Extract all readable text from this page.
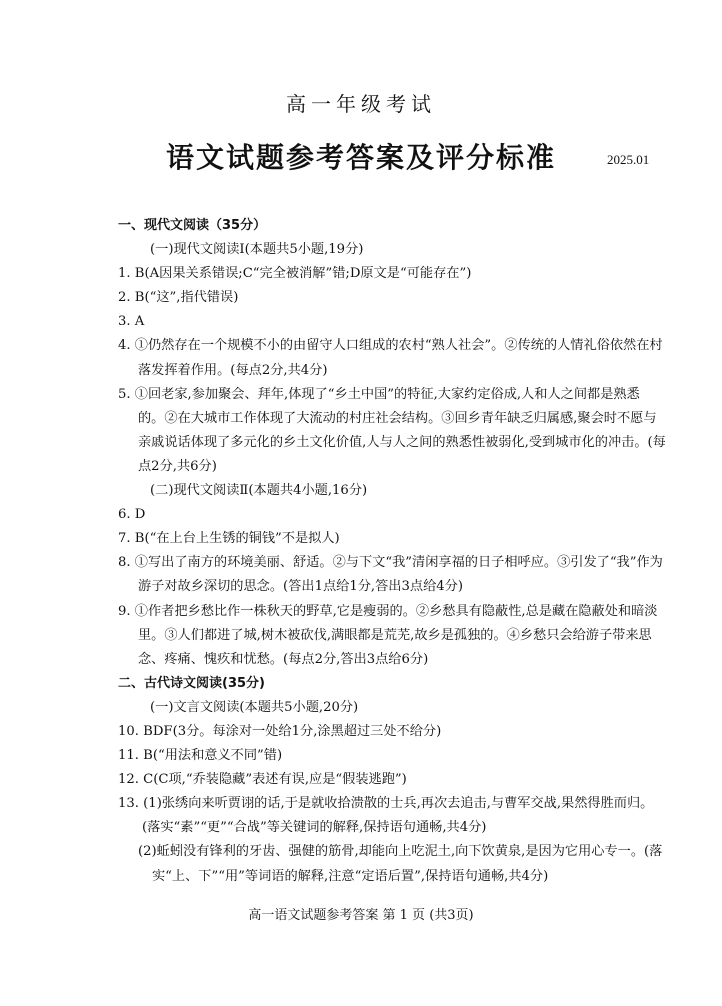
高一年级考试
语文试题参考答案及评分标准	2025.01
一、现代文阅读（35分）
(一)现代文阅读Ⅰ(本题共5小题,19分)
1. B(A因果关系错误;C“完全被消解”错;D原文是“可能存在”)
2. B(“这”,指代错误)
3. A
4. ①仍然存在一个规模不小的由留守人口组成的农村“熟人社会”。②传统的人情礼俗依然在村落发挥着作用。(每点2分,共4分)
5. ①回老家,参加聚会、拜年,体现了“乡土中国”的特征,大家约定俗成,人和人之间都是熟悉的。②在大城市工作体现了大流动的村庄社会结构。③回乡青年缺乏归属感,聚会时不愿与亲戚说话体现了多元化的乡土文化价值,人与人之间的熟悉性被弱化,受到城市化的冲击。(每点2分,共6分)
(二)现代文阅读Ⅱ(本题共4小题,16分)
6. D
7. B(“在上台上生锈的铜钱”不是拟人)
8. ①写出了南方的环境美丽、舒适。②与下文“我”清闲享福的日子相呼应。③引发了“我”作为游子对故乡深切的思念。(答出1点给1分,答出3点给4分)
9. ①作者把乡愁比作一株秋天的野草,它是瘦弱的。②乡愁具有隐蔽性,总是藏在隐蔽处和暗淡里。③人们都进了城,树木被砍伐,满眼都是荒芜,故乡是孤独的。④乡愁只会给游子带来思念、疼痛、愧疚和忧愁。(每点2分,答出3点给6分)
二、古代诗文阅读(35分)
(一)文言文阅读(本题共5小题,20分)
10. BDF(3分。每涂对一处给1分,涂黑超过三处不给分)
11. B(“用法和意义不同”错)
12. C(C项,“乔装隐藏”表述有误,应是“假装逃跑”)
13. (1)张绣向来听贾诩的话,于是就收拾溃散的士兵,再次去追击,与曹军交战,果然得胜而归。(落实“素”“更”“合战”等关键词的解释,保持语句通畅,共4分)
(2)蚯蚓没有锋利的牙齿、强健的筋骨,却能向上吃泥土,向下饮黄泉,是因为它用心专一。(落实“上、下”“用”等词语的解释,注意“定语后置”,保持语句通畅,共4分)
高一语文试题参考答案 第 1 页 (共3页)
